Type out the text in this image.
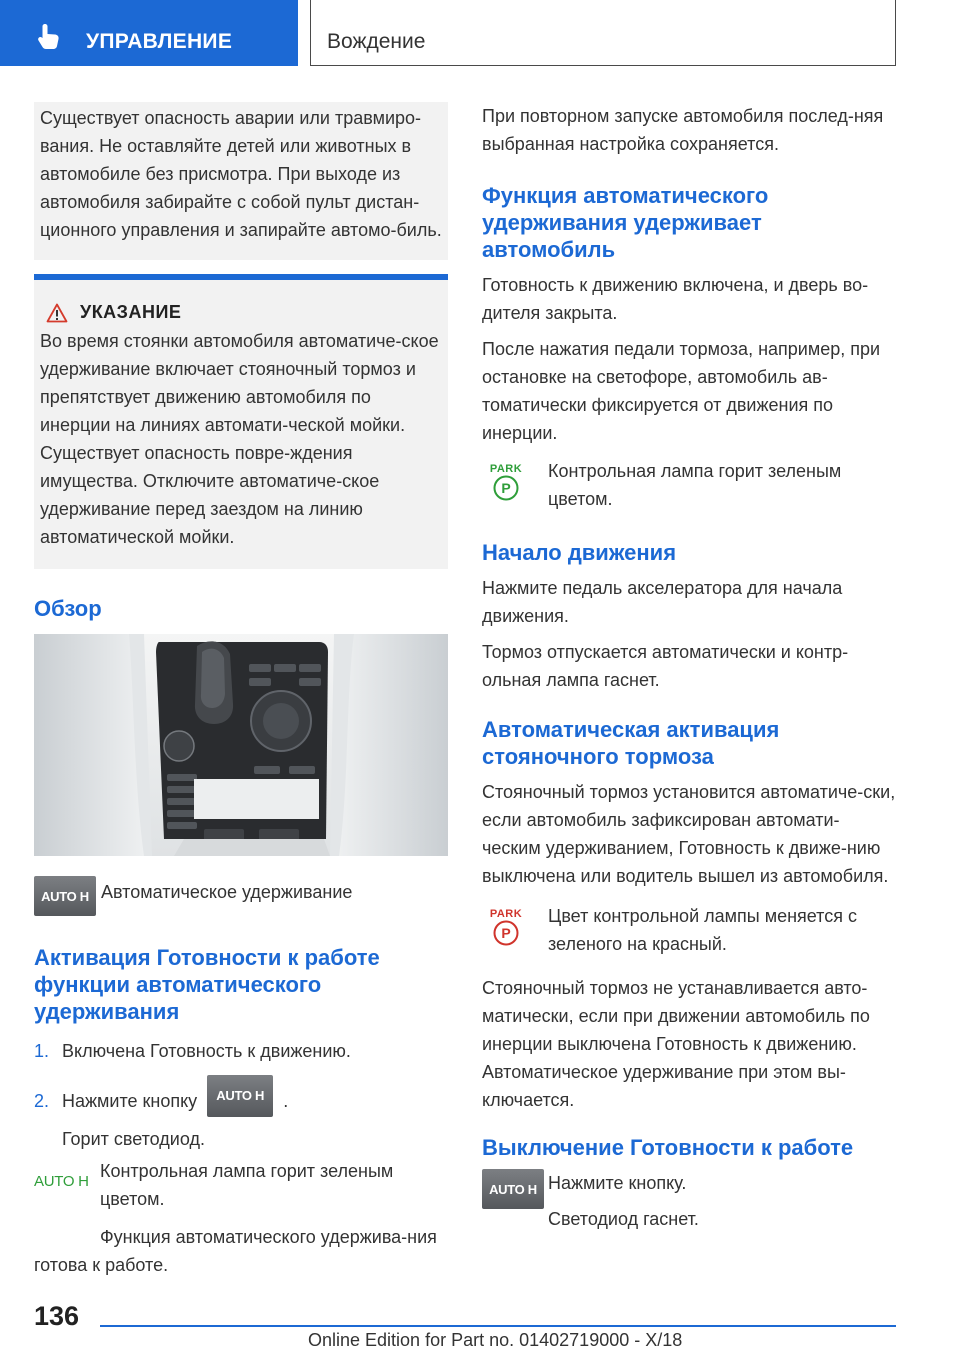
УПРАВЛЕНИЕ	Вождение

Существует опасность аварии или травмиро-вания. Не оставляйте детей или животных в автомобиле без присмотра. При выходе из автомобиля забирайте с собой пульт дистан-ционного управления и запирайте автомо-биль.

УКАЗАНИЕ

Во время стоянки автомобиля автоматиче-ское удерживание включает стояночный тормоз и препятствует движению автомобиля по инерции на линиях автомати-ческой мойки. Существует опасность повре-ждения имущества. Отключите автоматиче-ское удерживание перед заездом на линию автоматической мойки.

Обзор
AUTO H Автоматическое удерживание

Активация Готовности к работе функции автоматического удерживания
1. Включена Готовность к движению.
2. Нажмите кнопку	AUTO H	.

Горит светодиод.

AUTO H

Контрольная лампа горит зеленым цветом.

Функция автоматического удержива-ния готова к работе.

При повторном запуске автомобиля послед-няя выбранная настройка сохраняется.

Функция автоматического удерживания удерживает автомобиль

Готовность к движению включена, и дверь во-дителя закрыта.

После нажатия педали тормоза, например, при остановке на светофоре, автомобиль ав-томатически фиксируется от движения по инерции.

PARK
P

Контрольная лампа горит зеленым цветом.

Начало движения

Нажмите педаль акселератора для начала движения.

Тормоз отпускается автоматически и контр-ольная лампа гаснет.

Автоматическая активация стояночного тормоза

Стояночный тормоз установится автоматиче-ски, если автомобиль зафиксирован автомати-ческим удерживанием, Готовность к движе-нию выключена или водитель вышел из автомобиля.

PARK
P

Цвет контрольной лампы меняется с зеленого на красный.

Стояночный тормоз не устанавливается авто-матически, если при движении автомобиль по инерции выключена Готовность к движению. Автоматическое удерживание при этом вы-ключается.

Выключение Готовности к работе
AUTO H Нажмите кнопку.

Светодиод гаснет.

136
Online Edition for Part no. 01402719000 - X/18
